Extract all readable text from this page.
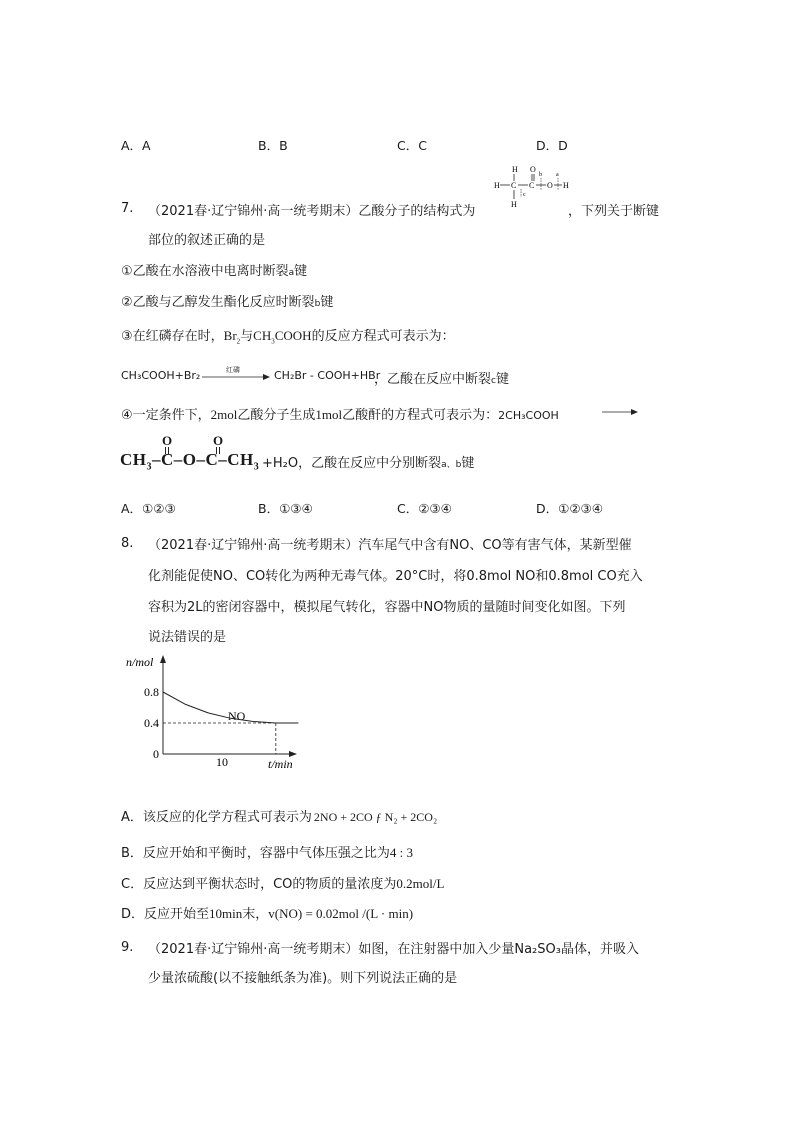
A．A	B．B	C．C	D．D
7. （2021春·辽宁锦州·高一统考期末）乙酸分子的结构式为
H O
H C C O H
H
c
b a
，下列关于断键
部位的叙述正确的是
①乙酸在水溶液中电离时断裂a键
②乙酸与乙醇发生酯化反应时断裂b键
③在红磷存在时，$Br_2$与$CH_3COOH$的反应方程式可表示为：
CH₃COOH+Br₂	红磷	CH₂Br - COOH+HBr
，乙酸在反应中断裂c键
④一定条件下，2mol乙酸分子生成1mol乙酸酐的方程式可表示为：2CH₃COOH
$CH_3-C-O-C-CH_3$
O	O
+H₂O，乙酸在反应中分别断裂a、b键
A．①②③	B．①③④	C．②③④	D．①②③④
8. （2021春·辽宁锦州·高一统考期末）汽车尾气中含有NO、CO等有害气体，某新型催
化剂能促使NO、CO转化为两种无毒气体。20°C时，将0.8mol NO和0.8mol CO充入
容积为2L的密闭容器中，模拟尾气转化，容器中NO物质的量随时间变化如图。下列
说法错误的是
n/mol
t/min
0.8
0.4
0
10
NO
A．该反应的化学方程式可表示为 2NO + 2CO ƒ N₂ + 2CO₂
B．反应开始和平衡时，容器中气体压强之比为4 : 3
C．反应达到平衡状态时，CO的物质的量浓度为0.2mol/L
D．反应开始至10min末，v(NO) = 0.02mol /(L · min)
9. （2021春·辽宁锦州·高一统考期末）如图，在注射器中加入少量Na₂SO₃晶体，并吸入
少量浓硫酸(以不接触纸条为准)。则下列说法正确的是
